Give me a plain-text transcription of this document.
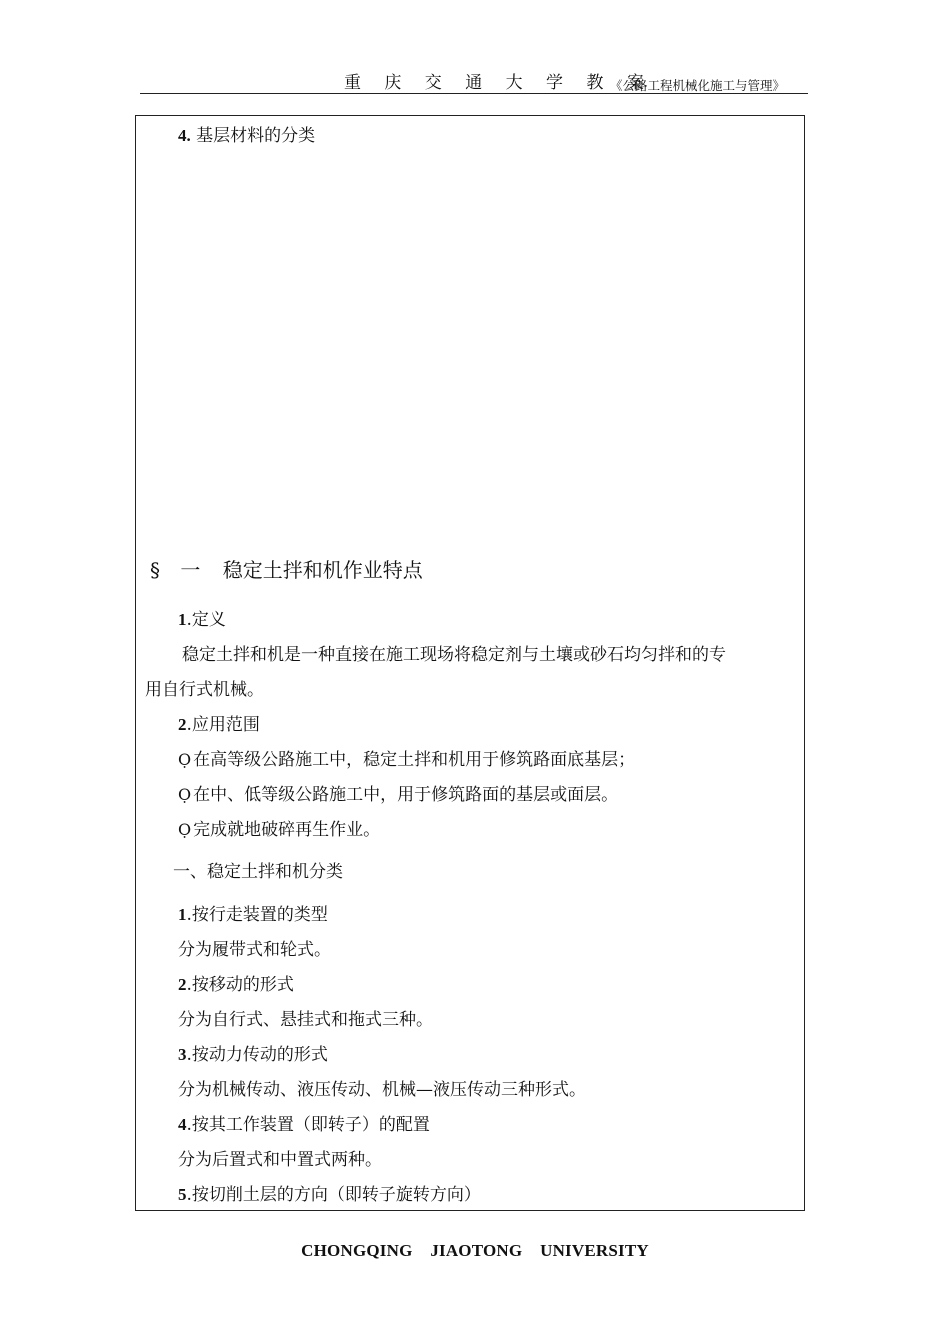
重 庆 交 通 大 学 教 案
《公路工程机械化施工与管理》
4. 基层材料的分类
§ 一 稳定土拌和机作业特点
1.定义
稳定土拌和机是一种直接在施工现场将稳定剂与土壤或砂石均匀拌和的专
用自行式机械。
2.应用范围
Ọ 在高等级公路施工中，稳定土拌和机用于修筑路面底基层；
Ọ 在中、低等级公路施工中，用于修筑路面的基层或面层。
Ọ 完成就地破碎再生作业。
一、稳定土拌和机分类
1.按行走装置的类型
分为履带式和轮式。
2.按移动的形式
分为自行式、悬挂式和拖式三种。
3.按动力传动的形式
分为机械传动、液压传动、机械—液压传动三种形式。
4.按其工作装置（即转子）的配置
分为后置式和中置式两种。
5.按切削土层的方向（即转子旋转方向）
CHONGQING    JIAOTONG    UNIVERSITY
